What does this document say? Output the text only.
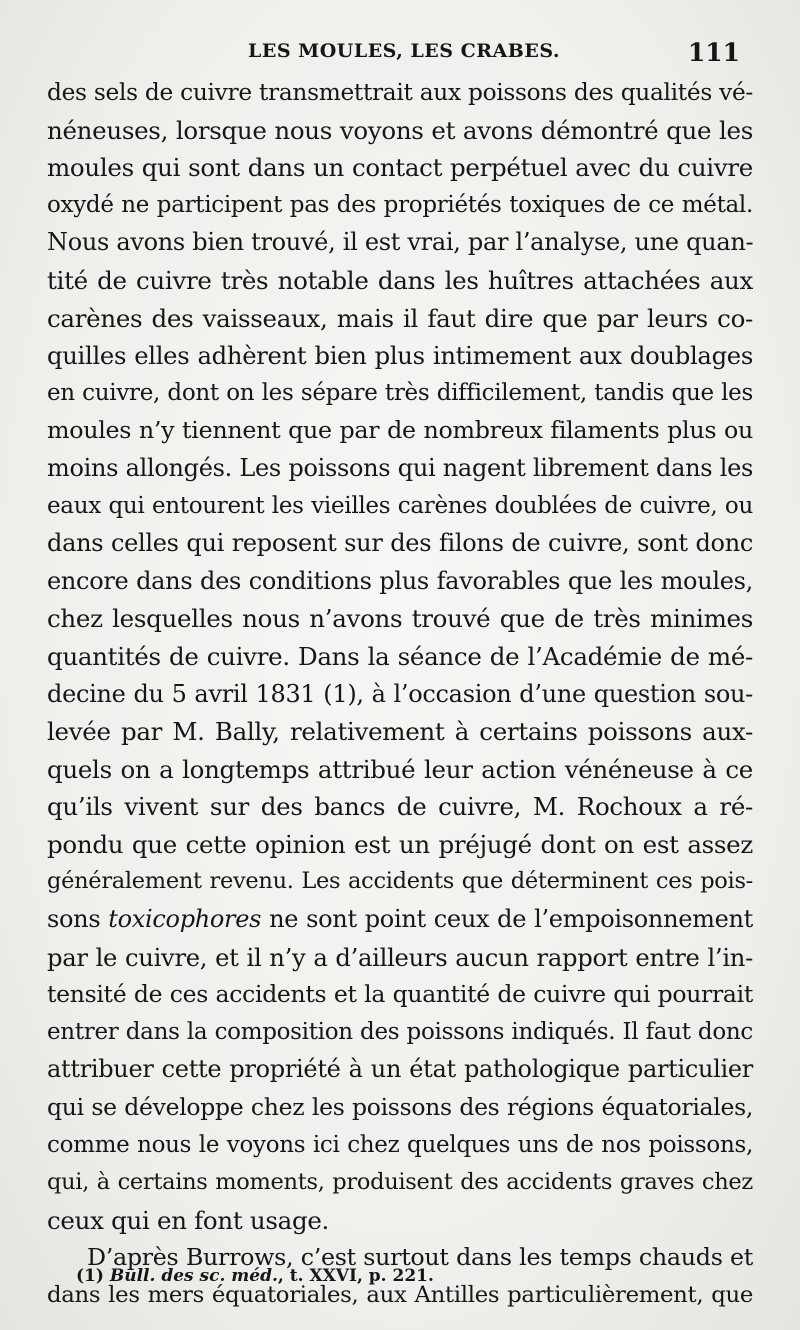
LES MOULES, LES CRABES.	111
des sels de cuivre transmettrait aux poissons des qualités vé-
néneuses, lorsque nous voyons et avons démontré que les
moules qui sont dans un contact perpétuel avec du cuivre
oxydé ne participent pas des propriétés toxiques de ce métal.
Nous avons bien trouvé, il est vrai, par l’analyse, une quan-
tité de cuivre très notable dans les huîtres attachées aux
carènes des vaisseaux, mais il faut dire que par leurs co-
quilles elles adhèrent bien plus intimement aux doublages
en cuivre, dont on les sépare très difficilement, tandis que les
moules n’y tiennent que par de nombreux filaments plus ou
moins allongés. Les poissons qui nagent librement dans les
eaux qui entourent les vieilles carènes doublées de cuivre, ou
dans celles qui reposent sur des filons de cuivre, sont donc
encore dans des conditions plus favorables que les moules,
chez lesquelles nous n’avons trouvé que de très minimes
quantités de cuivre. Dans la séance de l’Académie de mé-
decine du 5 avril 1831 (1), à l’occasion d’une question sou-
levée par M. Bally, relativement à certains poissons aux-
quels on a longtemps attribué leur action vénéneuse à ce
qu’ils vivent sur des bancs de cuivre, M. Rochoux a ré-
pondu que cette opinion est un préjugé dont on est assez
généralement revenu. Les accidents que déterminent ces pois-
sons toxicophores ne sont point ceux de l’empoisonnement
par le cuivre, et il n’y a d’ailleurs aucun rapport entre l’in-
tensité de ces accidents et la quantité de cuivre qui pourrait
entrer dans la composition des poissons indiqués. Il faut donc
attribuer cette propriété à un état pathologique particulier
qui se développe chez les poissons des régions équatoriales,
comme nous le voyons ici chez quelques uns de nos poissons,
qui, à certains moments, produisent des accidents graves chez
ceux qui en font usage.
D’après Burrows, c’est surtout dans les temps chauds et
dans les mers équatoriales, aux Antilles particulièrement, que
(1) Bull. des sc. méd., t. XXVI, p. 221.
